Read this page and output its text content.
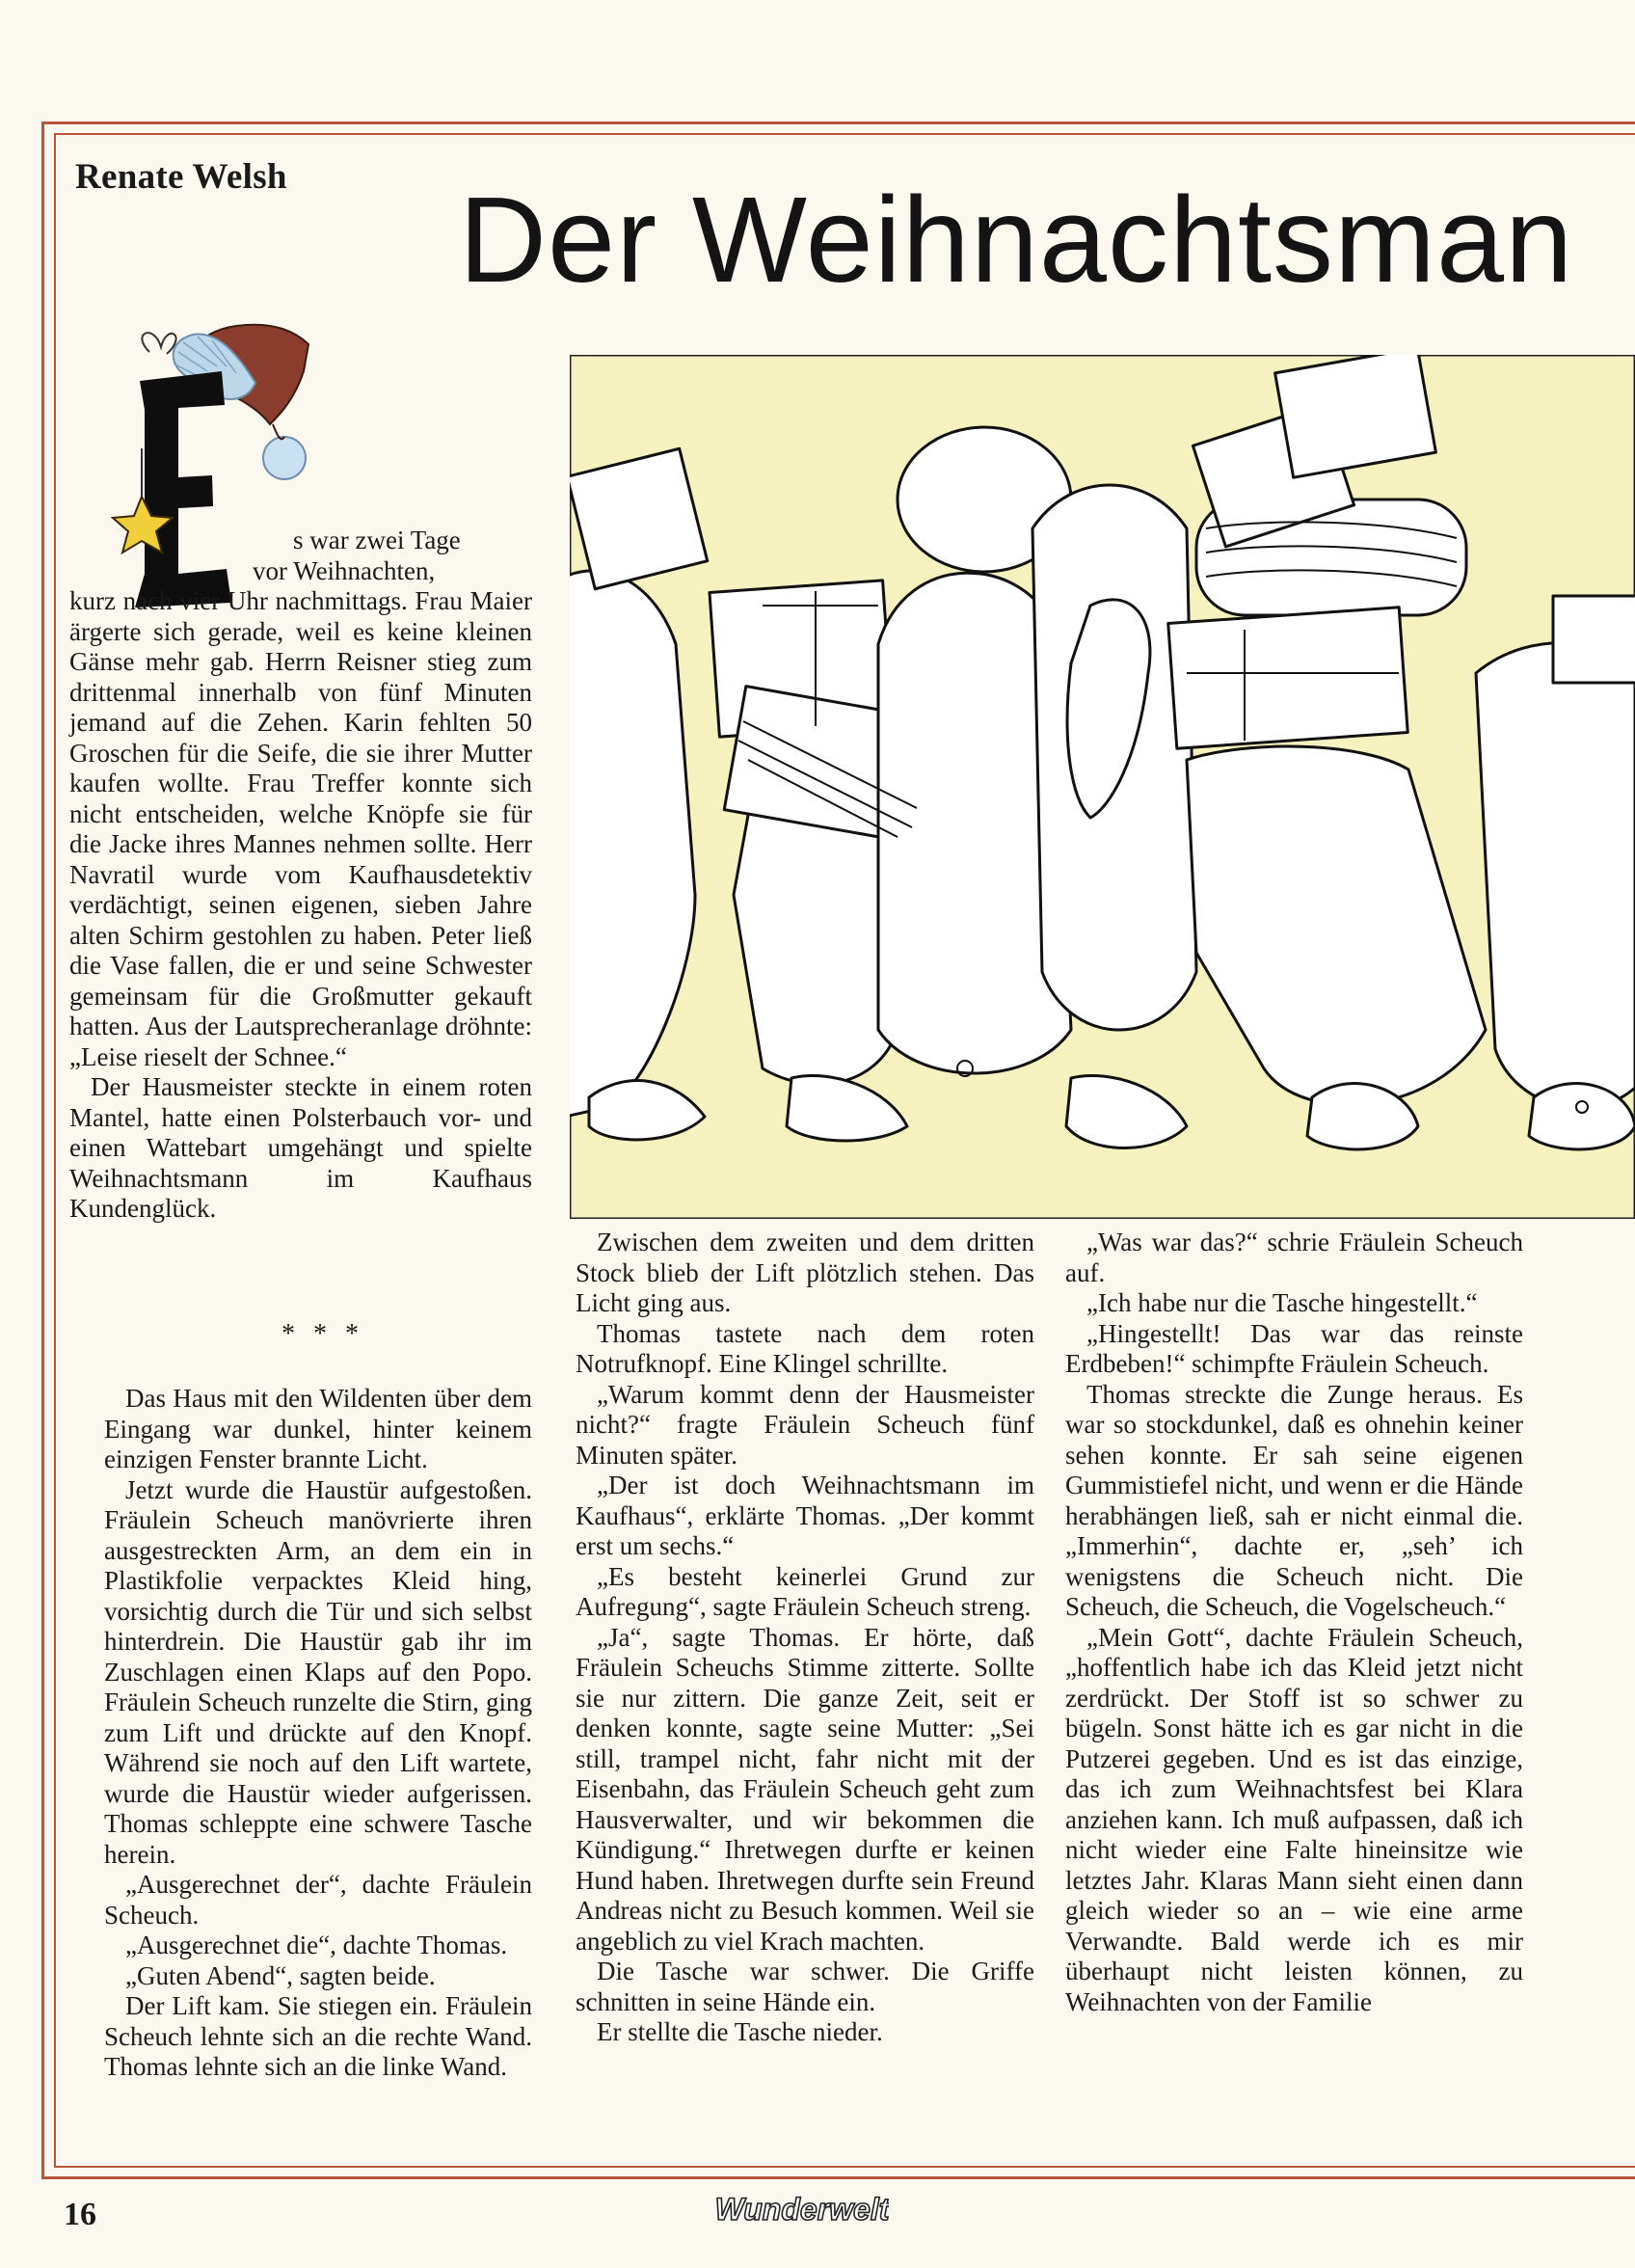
Renate Welsh Der Weihnachtsman

s war zwei Tage

vor Weihnachten,

kurz nach vier Uhr nachmittags. Frau Maier ärgerte sich gerade, weil es keine kleinen Gänse mehr gab. Herrn Reisner stieg zum drittenmal innerhalb von fünf Minuten jemand auf die Zehen. Karin fehlten 50 Groschen für die Seife, die sie ihrer Mutter kaufen wollte. Frau Treffer konnte sich nicht entscheiden, welche Knöpfe sie für die Jacke ihres Mannes nehmen sollte. Herr Navratil wurde vom Kaufhausdetektiv verdächtigt, seinen eigenen, sieben Jahre alten Schirm gestohlen zu haben. Peter ließ die Vase fallen, die er und seine Schwester gemeinsam für die Großmutter gekauft hatten. Aus der Lautsprecheranlage dröhnte: „Leise rieselt der Schnee.“

Der Hausmeister steckte in einem roten Mantel, hatte einen Polsterbauch vor- und einen Wattebart umgehängt und spielte Weihnachtsmann im Kaufhaus Kundenglück.

* * *

Das Haus mit den Wildenten über dem Eingang war dunkel, hinter keinem einzigen Fenster brannte Licht.

Jetzt wurde die Haustür aufgestoßen. Fräulein Scheuch manövrierte ihren ausgestreckten Arm, an dem ein in Plastikfolie verpacktes Kleid hing, vorsichtig durch die Tür und sich selbst hinterdrein. Die Haustür gab ihr im Zuschlagen einen Klaps auf den Popo. Fräulein Scheuch runzelte die Stirn, ging zum Lift und drückte auf den Knopf. Während sie noch auf den Lift wartete, wurde die Haustür wieder aufgerissen. Thomas schleppte eine schwere Tasche herein.

„Ausgerechnet der“, dachte Fräulein Scheuch.

„Ausgerechnet die“, dachte Thomas.

„Guten Abend“, sagten beide.

Der Lift kam. Sie stiegen ein. Fräulein Scheuch lehnte sich an die rechte Wand. Thomas lehnte sich an die linke Wand.

Zwischen dem zweiten und dem dritten Stock blieb der Lift plötzlich stehen. Das Licht ging aus.

Thomas tastete nach dem roten Notrufknopf. Eine Klingel schrillte.

„Warum kommt denn der Hausmeister nicht?“ fragte Fräulein Scheuch fünf Minuten später.

„Der ist doch Weihnachtsmann im Kaufhaus“, erklärte Thomas. „Der kommt erst um sechs.“

„Es besteht keinerlei Grund zur Aufregung“, sagte Fräulein Scheuch streng.

„Ja“, sagte Thomas. Er hörte, daß Fräulein Scheuchs Stimme zitterte. Sollte sie nur zittern. Die ganze Zeit, seit er denken konnte, sagte seine Mutter: „Sei still, trampel nicht, fahr nicht mit der Eisenbahn, das Fräulein Scheuch geht zum Hausverwalter, und wir bekommen die Kündigung.“ Ihretwegen durfte er keinen Hund haben. Ihretwegen durfte sein Freund Andreas nicht zu Besuch kommen. Weil sie angeblich zu viel Krach machten.

Die Tasche war schwer. Die Griffe schnitten in seine Hände ein.

Er stellte die Tasche nieder.

„Was war das?“ schrie Fräulein Scheuch auf.

„Ich habe nur die Tasche hingestellt.“

„Hingestellt! Das war das reinste Erdbeben!“ schimpfte Fräulein Scheuch.

Thomas streckte die Zunge heraus. Es war so stockdunkel, daß es ohnehin keiner sehen konnte. Er sah seine eigenen Gummistiefel nicht, und wenn er die Hände herabhängen ließ, sah er nicht einmal die. „Immerhin“, dachte er, „seh’ ich wenigstens die Scheuch nicht. Die Scheuch, die Scheuch, die Vogelscheuch.“

„Mein Gott“, dachte Fräulein Scheuch, „hoffentlich habe ich das Kleid jetzt nicht zerdrückt. Der Stoff ist so schwer zu bügeln. Sonst hätte ich es gar nicht in die Putzerei gegeben. Und es ist das einzige, das ich zum Weihnachtsfest bei Klara anziehen kann. Ich muß aufpassen, daß ich nicht wieder eine Falte hineinsitze wie letztes Jahr. Klaras Mann sieht einen dann gleich wieder so an – wie eine arme Verwandte. Bald werde ich es mir überhaupt nicht leisten können, zu Weihnachten von der Familie

16	Wunderwelt
